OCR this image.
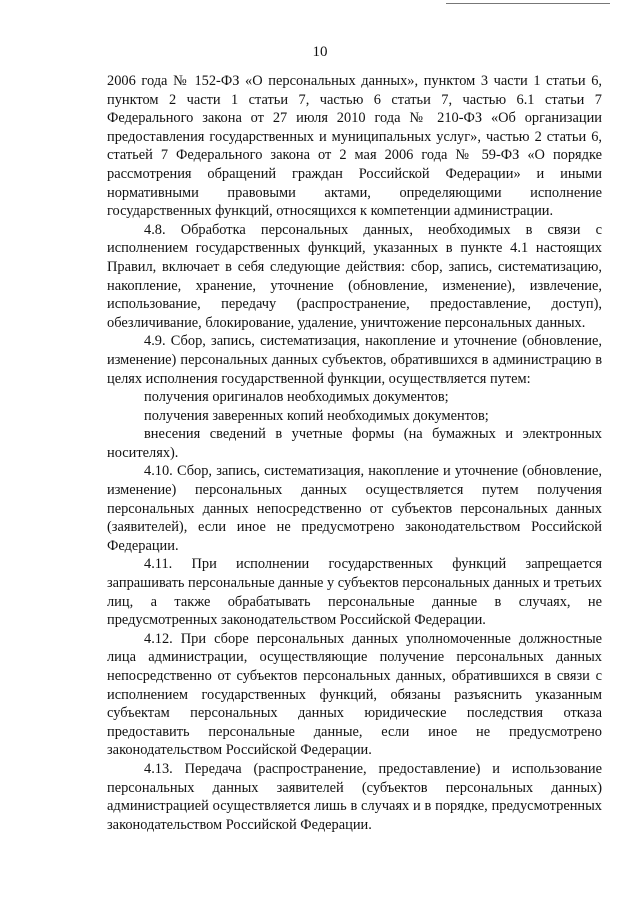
10

2006 года № 152-ФЗ «О персональных данных», пунктом 3 части 1 статьи 6, пунктом 2 части 1 статьи 7, частью 6 статьи 7, частью 6.1 статьи 7 Федерального закона от 27 июля 2010 года № 210-ФЗ «Об организации предоставления государственных и муниципальных услуг», частью 2 статьи 6, статьей 7 Федерального закона от 2 мая 2006 года № 59-ФЗ «О порядке рассмотрения обращений граждан Российской Федерации» и иными нормативными правовыми актами, определяющими исполнение государственных функций, относящихся к компетенции администрации.

4.8. Обработка персональных данных, необходимых в связи с исполнением государственных функций, указанных в пункте 4.1 настоящих Правил, включает в себя следующие действия: сбор, запись, систематизацию, накопление, хранение, уточнение (обновление, изменение), извлечение, использование, передачу (распространение, предоставление, доступ), обезличивание, блокирование, удаление, уничтожение персональных данных.

4.9. Сбор, запись, систематизация, накопление и уточнение (обновление, изменение) персональных данных субъектов, обратившихся в администрацию в целях исполнения государственной функции, осуществляется путем:

получения оригиналов необходимых документов;

получения заверенных копий необходимых документов;

внесения сведений в учетные формы (на бумажных и электронных носителях).

4.10. Сбор, запись, систематизация, накопление и уточнение (обновление, изменение) персональных данных осуществляется путем получения персональных данных непосредственно от субъектов персональных данных (заявителей), если иное не предусмотрено законодательством Российской Федерации.

4.11. При исполнении государственных функций запрещается запрашивать персональные данные у субъектов персональных данных и третьих лиц, а также обрабатывать персональные данные в случаях, не предусмотренных законодательством Российской Федерации.

4.12. При сборе персональных данных уполномоченные должностные лица администрации, осуществляющие получение персональных данных непосредственно от субъектов персональных данных, обратившихся в связи с исполнением государственных функций, обязаны разъяснить указанным субъектам персональных данных юридические последствия отказа предоставить персональные данные, если иное не предусмотрено законодательством Российской Федерации.

4.13. Передача (распространение, предоставление) и использование персональных данных заявителей (субъектов персональных данных) администрацией осуществляется лишь в случаях и в порядке, предусмотренных законодательством Российской Федерации.
